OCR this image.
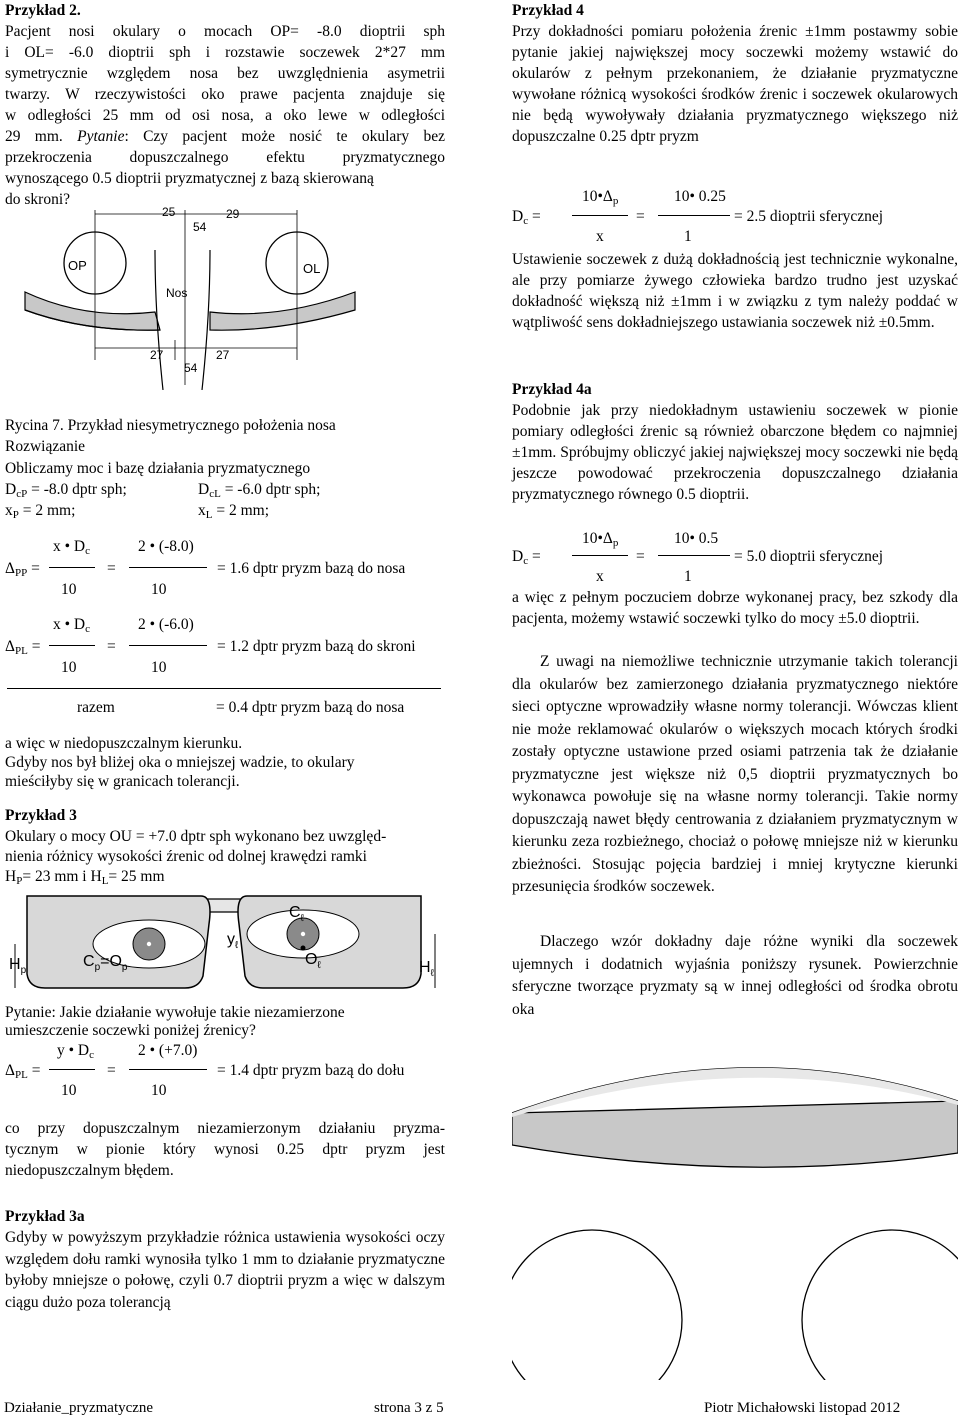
Przykład 2.
Pacjent nosi okulary o mocach OP= -8.0 dioptrii sph
i OL= -6.0 dioptrii sph i rozstawie soczewek 2*27 mm
symetrycznie względem nosa bez uwzględnienia asymetrii
twarzy. W rzeczywistości oko prawe pacjenta znajduje się
w odległości 25 mm od osi nosa, a oko lewe w odległości
29 mm. Pytanie: Czy pacjent może nosić te okulary bez
przekroczenia dopuszczalnego efektu pryzmatycznego
wynoszącego 0.5 dioptrii pryzmatycznej z bazą skierowaną
do skroni?
25	29
54
OP	OL
Nos
27	27
54
Rycina 7. Przykład niesymetrycznego położenia nosa
Rozwiązanie
Obliczamy moc i bazę działania pryzmatycznego
$D_{cP} = -8.0$ dptr sph;	$D_{cL} = -6.0$ dptr sph;
$x_P = 2$ mm;	$x_L = 2$ mm;
x • $D_c$	2 • (-8.0)
$\Delta_{PP}$ =	=	= 1.6 dptr pryzm bazą do nosa
10	10
x • $D_c$	2 • (-6.0)
$\Delta_{PL}$ =	=	= 1.2 dptr pryzm bazą do skroni
10	10
razem	= 0.4 dptr pryzm bazą do nosa
a więc w niedopuszczalnym kierunku.
Gdyby nos był bliżej oka o mniejszej wadzie, to okulary
mieściłyby się w granicach tolerancji.
Przykład 3
Okulary o mocy OU = +7.0 dptr sph wykonano bez uwzględ-
nienia różnicy wysokości źrenic od dolnej krawędzi ramki
$H_P= 23$ mm i $H_L= 25$ mm
$H_p$
$C_p=O_p$
$y_\ell$
$C_\ell$
$O_\ell$	$H_\ell$
Pytanie: Jakie działanie wywołuje takie niezamierzone
umieszczenie soczewki poniżej źrenicy?
y • $D_c$	2 • (+7.0)
$\Delta_{PL}$ =	=	= 1.4 dptr pryzm bazą do dołu
10	10
co przy dopuszczalnym niezamierzonym działaniu pryzma-
tycznym w pionie który wynosi 0.25 dptr pryzm jest
niedopuszczalnym błędem.
Przykład 3a
Gdyby w powyższym przykładzie różnica ustawienia wysokości oczy względem dołu ramki wynosiła tylko 1 mm to działanie pryzmatyczne byłoby mniejsze o połowę, czyli 0.7 dioptrii pryzm a więc w dalszym ciągu dużo poza tolerancją
Przykład 4
Przy dokładności pomiaru położenia źrenic ±1mm postawmy sobie pytanie jakiej największej mocy soczewki możemy wstawić do okularów z pełnym przekonaniem, że działanie pryzmatyczne wywołane różnicą wysokości środków źrenic i soczewek okularowych nie będą wywoływały działania pryzmatycznego większego niż dopuszczalne 0.25 dptr pryzm
$10•\Delta_p$	10• 0.25
$D_c$ =	=	= 2.5 dioptrii sferycznej
x	1
Ustawienie soczewek z dużą dokładnością jest technicznie wykonalne, ale przy pomiarze żywego człowieka bardzo trudno jest uzyskać dokładność większą niż ±1mm i w związku z tym należy poddać w wątpliwość sens dokładniejszego ustawiania soczewek niż ±0.5mm.
Przykład 4a
Podobnie jak przy niedokładnym ustawieniu soczewek w pionie pomiary odległości źrenic są również obarczone błędem co najmniej ±1mm. Spróbujmy obliczyć jakiej największej mocy soczewki nie będą jeszcze powodować przekroczenia dopuszczalnego działania pryzmatycznego równego 0.5 dioptrii.
$10•\Delta_p$	10• 0.5
$D_c$ =	=	= 5.0 dioptrii sferycznej
x	1
a więc z pełnym poczuciem dobrze wykonanej pracy, bez szkody dla pacjenta, możemy wstawić soczewki tylko do mocy ±5.0 dioptrii.
Z uwagi na niemożliwe technicznie utrzymanie takich tolerancji dla okularów bez zamierzonego działania pryzmatycznego niektóre sieci optyczne wprowadziły własne normy tolerancji. Wówczas klient nie może reklamować okularów o większych mocach których środki zostały optyczne ustawione przed osiami patrzenia tak że działanie pryzmatyczne jest większe niż 0,5 dioptrii pryzmatycznych bo wykonawca powołuje się na własne normy tolerancji. Takie normy dopuszczają nawet błędy centrowania z działaniem pryzmatycznym w kierunku zeza rozbieżnego, chociaż o połowę mniejsze niż w kierunku zbieżności. Stosując pojęcia bardziej i mniej krytyczne kierunki przesunięcia środków soczewek.
Dlaczego wzór dokładny daje różne wyniki dla soczewek ujemnych i dodatnich wyjaśnia poniższy rysunek. Powierzchnie sferyczne tworzące pryzmaty są w innej odległości od środka obrotu oka
Działanie_pryzmatyczne	strona 3 z 5	Piotr Michałowski listopad 2012
